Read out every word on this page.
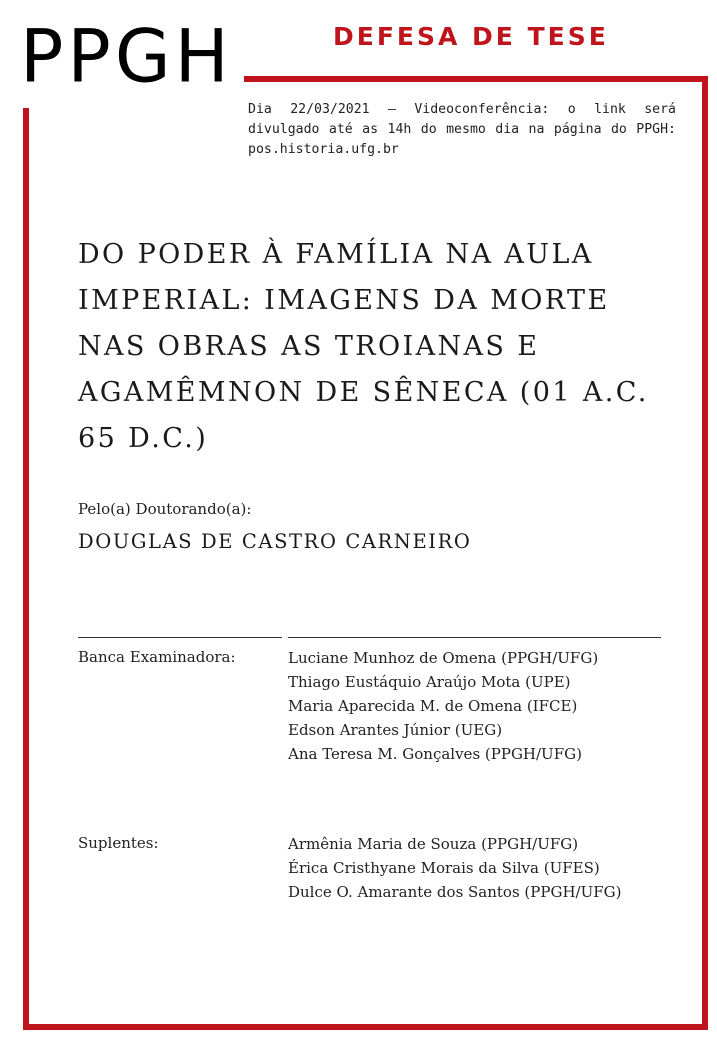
PPGH	DEFESA DE TESE
Dia 22/03/2021 – Videoconferência: o link será divulgado até as 14h do mesmo dia na página do PPGH: pos.historia.ufg.br
DO PODER À FAMÍLIA NA AULA IMPERIAL: IMAGENS DA MORTE NAS OBRAS AS TROIANAS E AGAMÊMNON DE SÊNECA (01 A.C. 65 D.C.)
Pelo(a) Doutorando(a):
DOUGLAS DE CASTRO CARNEIRO
Banca Examinadora:	Luciane Munhoz de Omena (PPGH/UFG)
Thiago Eustáquio Araújo Mota (UPE)
Maria Aparecida M. de Omena (IFCE)
Edson Arantes Júnior (UEG)
Ana Teresa M. Gonçalves (PPGH/UFG)
Suplentes:	Armênia Maria de Souza (PPGH/UFG)
Érica Cristhyane Morais da Silva (UFES)
Dulce O. Amarante dos Santos (PPGH/UFG)
